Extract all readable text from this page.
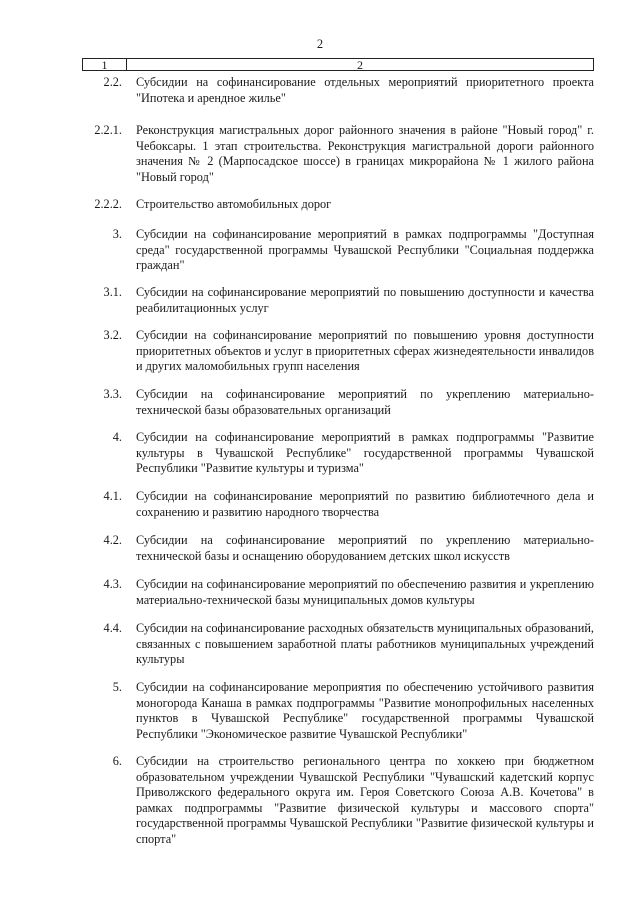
2
1	2
2.2. Субсидии на софинансирование отдельных мероприятий приоритетного проекта "Ипотека и арендное жилье"
2.2.1. Реконструкция магистральных дорог районного значения в районе "Новый город" г. Чебоксары. 1 этап строительства. Реконструкция магистральной дороги районного значения № 2 (Марпосадское шоссе) в границах микрорайона № 1 жилого района "Новый город"
2.2.2. Строительство автомобильных дорог
3. Субсидии на софинансирование мероприятий в рамках подпрограммы "Доступная среда" государственной программы Чувашской Республики "Социальная поддержка граждан"
3.1. Субсидии на софинансирование мероприятий по повышению доступности и качества реабилитационных услуг
3.2. Субсидии на софинансирование мероприятий по повышению уровня доступности приоритетных объектов и услуг в приоритетных сферах жизнедеятельности инвалидов и других маломобильных групп населения
3.3. Субсидии на софинансирование мероприятий по укреплению материально-технической базы образовательных организаций
4. Субсидии на софинансирование мероприятий в рамках подпрограммы "Развитие культуры в Чувашской Республике" государственной программы Чувашской Республики "Развитие культуры и туризма"
4.1. Субсидии на софинансирование мероприятий по развитию библиотечного дела и сохранению и развитию народного творчества
4.2. Субсидии на софинансирование мероприятий по укреплению материально-технической базы и оснащению оборудованием детских школ искусств
4.3. Субсидии на софинансирование мероприятий по обеспечению развития и укреплению материально-технической базы муниципальных домов культуры
4.4. Субсидии на софинансирование расходных обязательств муниципальных образований, связанных с повышением заработной платы работников муниципальных учреждений культуры
5. Субсидии на софинансирование мероприятия по обеспечению устойчивого развития моногорода Канаша в рамках подпрограммы "Развитие монопрофильных населенных пунктов в Чувашской Республике" государственной программы Чувашской Республики "Экономическое развитие Чувашской Республики"
6. Субсидии на строительство регионального центра по хоккею при бюджетном образовательном учреждении Чувашской Республики "Чувашский кадетский корпус Приволжского федерального округа им. Героя Советского Союза А.В. Кочетова" в рамках подпрограммы "Развитие физической культуры и массового спорта" государственной программы Чувашской Республики "Развитие физической культуры и спорта"
